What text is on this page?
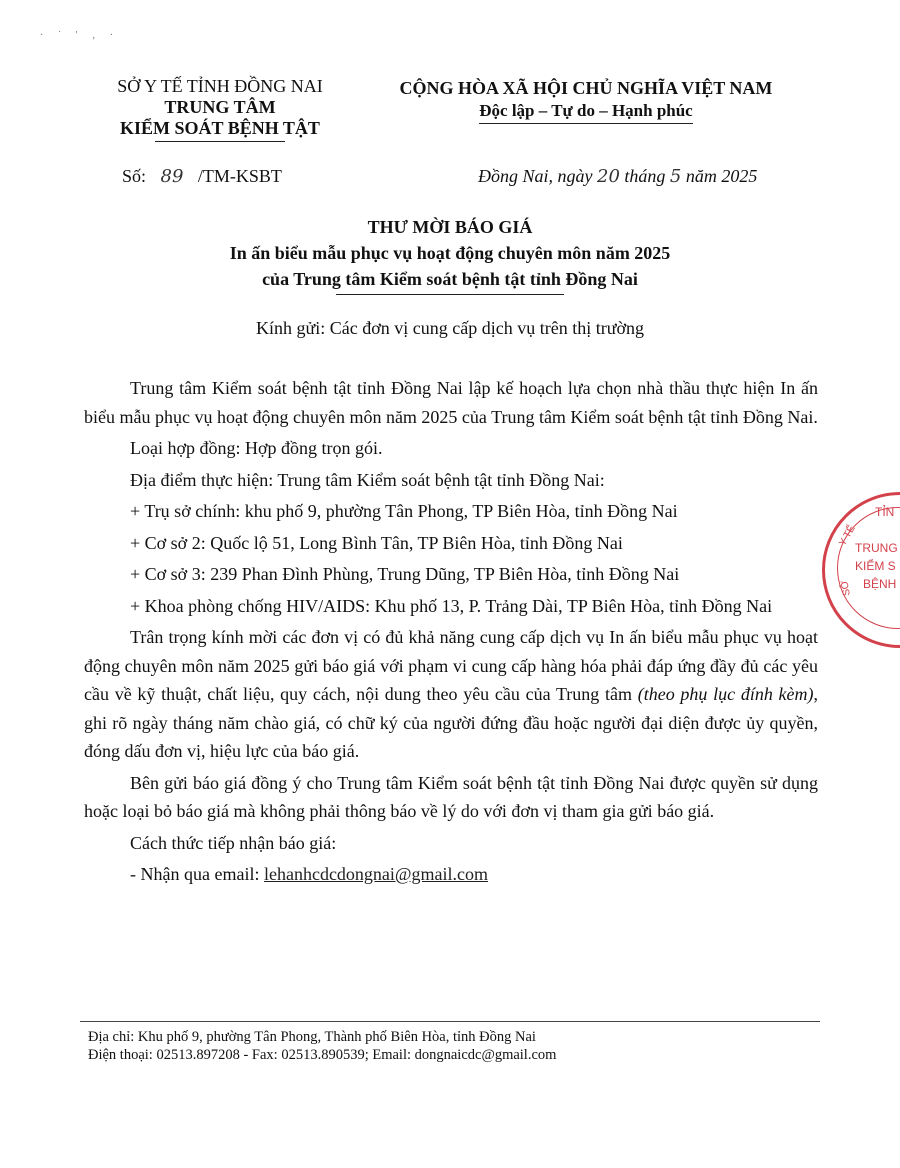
· ˙ ' ‚ ·
SỞ Y TẾ TỈNH ĐỒNG NAI
TRUNG TÂM
KIỂM SOÁT BỆNH TẬT
CỘNG HÒA XÃ HỘI CHỦ NGHĨA VIỆT NAM
Độc lập – Tự do – Hạnh phúc
Số: 89 /TM-KSBT	Đồng Nai, ngày 20 tháng 5 năm 2025
THƯ MỜI BÁO GIÁ
In ấn biểu mẫu phục vụ hoạt động chuyên môn năm 2025
của Trung tâm Kiểm soát bệnh tật tỉnh Đồng Nai
Kính gửi: Các đơn vị cung cấp dịch vụ trên thị trường

Trung tâm Kiểm soát bệnh tật tỉnh Đồng Nai lập kế hoạch lựa chọn nhà thầu thực hiện In ấn biểu mẫu phục vụ hoạt động chuyên môn năm 2025 của Trung tâm Kiểm soát bệnh tật tỉnh Đồng Nai.

Loại hợp đồng: Hợp đồng trọn gói.

Địa điểm thực hiện: Trung tâm Kiểm soát bệnh tật tỉnh Đồng Nai:

+ Trụ sở chính: khu phố 9, phường Tân Phong, TP Biên Hòa, tỉnh Đồng Nai

+ Cơ sở 2: Quốc lộ 51, Long Bình Tân, TP Biên Hòa, tỉnh Đồng Nai

+ Cơ sở 3: 239 Phan Đình Phùng, Trung Dũng, TP Biên Hòa, tỉnh Đồng Nai

+ Khoa phòng chống HIV/AIDS: Khu phố 13, P. Trảng Dài, TP Biên Hòa, tỉnh Đồng Nai

Trân trọng kính mời các đơn vị có đủ khả năng cung cấp dịch vụ In ấn biểu mẫu phục vụ hoạt động chuyên môn năm 2025 gửi báo giá với phạm vi cung cấp hàng hóa phải đáp ứng đầy đủ các yêu cầu về kỹ thuật, chất liệu, quy cách, nội dung theo yêu cầu của Trung tâm (theo phụ lục đính kèm), ghi rõ ngày tháng năm chào giá, có chữ ký của người đứng đầu hoặc người đại diện được ủy quyền, đóng dấu đơn vị, hiệu lực của báo giá.

Bên gửi báo giá đồng ý cho Trung tâm Kiểm soát bệnh tật tỉnh Đồng Nai được quyền sử dụng hoặc loại bỏ báo giá mà không phải thông báo về lý do với đơn vị tham gia gửi báo giá.

Cách thức tiếp nhận báo giá:

- Nhận qua email: lehanhcdcdongnai@gmail.com

Địa chỉ: Khu phố 9, phường Tân Phong, Thành phố Biên Hòa, tỉnh Đồng Nai
Điện thoại: 02513.897208 - Fax: 02513.890539; Email: dongnaicdc@gmail.com
TỈN
Y TẾ
SỞ
TRUNG
KIỂM S
BỆNH
